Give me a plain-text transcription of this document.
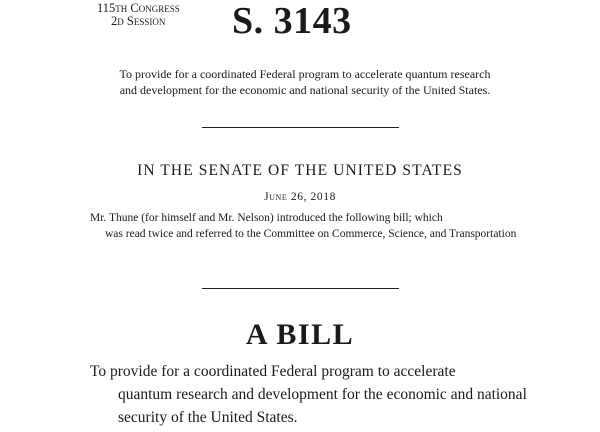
115th Congress
2d Session S. 3143
To provide for a coordinated Federal program to accelerate quantum research
and development for the economic and national security of the United States.
IN THE SENATE OF THE UNITED STATES
June 26, 2018
Mr. Thune (for himself and Mr. Nelson) introduced the following bill; which
was read twice and referred to the Committee on Commerce, Science, and Transportation
A BILL
To provide for a coordinated Federal program to accelerate
quantum research and development for the economic and national security of the United States.
